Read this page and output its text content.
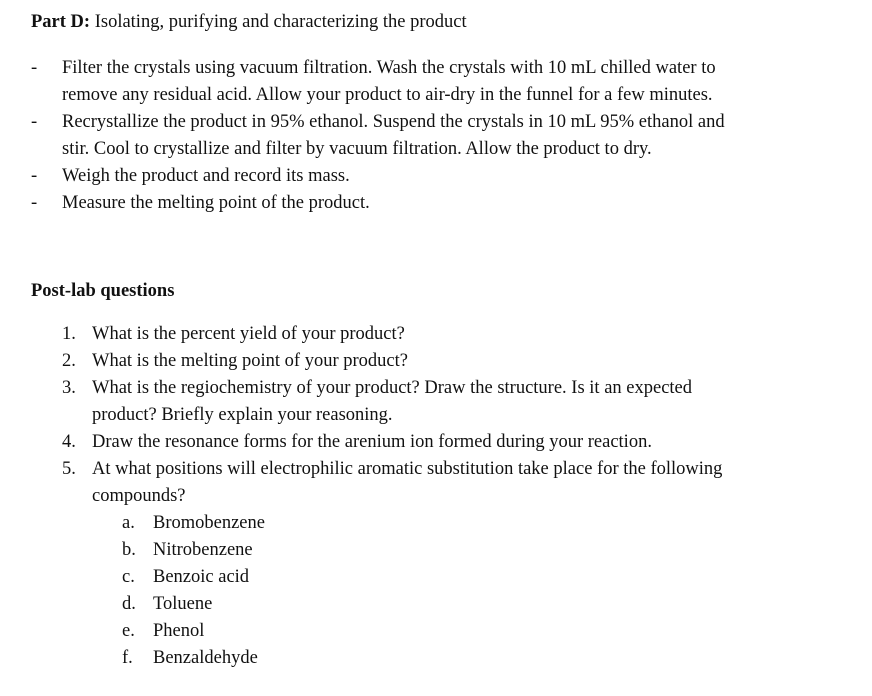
Part D: Isolating, purifying and characterizing the product
- Filter the crystals using vacuum filtration. Wash the crystals with 10 mL chilled water to
remove any residual acid. Allow your product to air-dry in the funnel for a few minutes.
- Recrystallize the product in 95% ethanol. Suspend the crystals in 10 mL 95% ethanol and
stir. Cool to crystallize and filter by vacuum filtration. Allow the product to dry.
- Weigh the product and record its mass.
- Measure the melting point of the product.
Post-lab questions
1. What is the percent yield of your product?
2. What is the melting point of your product?
3. What is the regiochemistry of your product? Draw the structure. Is it an expected
product? Briefly explain your reasoning.
4. Draw the resonance forms for the arenium ion formed during your reaction.
5. At what positions will electrophilic aromatic substitution take place for the following
compounds?
a. Bromobenzene
b. Nitrobenzene
c. Benzoic acid
d. Toluene
e. Phenol
f. Benzaldehyde
